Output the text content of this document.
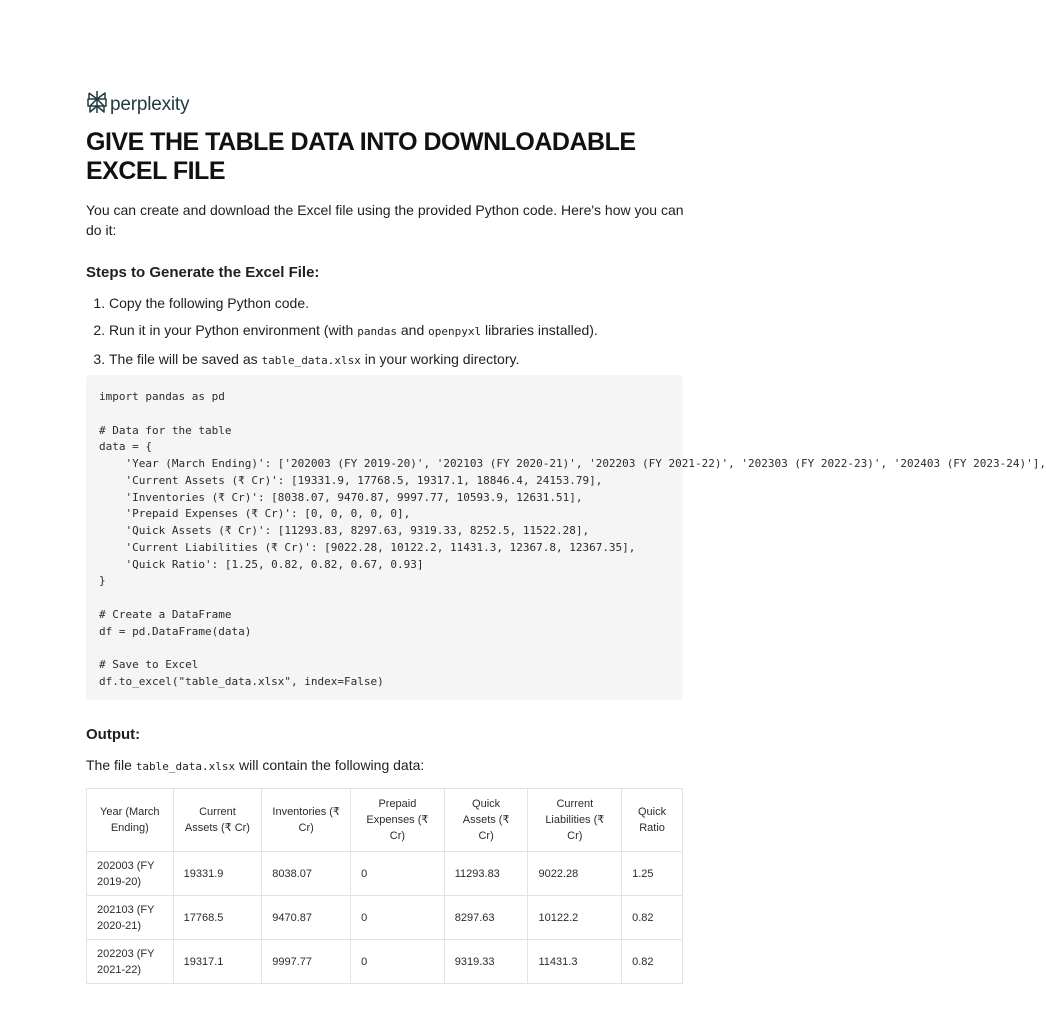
perplexity
GIVE THE TABLE DATA INTO DOWNLOADABLE EXCEL FILE

You can create and download the Excel file using the provided Python code. Here's how you can do it:

Steps to Generate the Excel File:
1. Copy the following Python code.
2. Run it in your Python environment (with pandas and openpyxl libraries installed).
3. The file will be saved as table_data.xlsx in your working directory.
import pandas as pd

# Data for the table
data = {
'Year (March Ending)': ['202003 (FY 2019-20)', '202103 (FY 2020-21)', '202203 (FY 2021-22)', '202303 (FY 2022-23)', '202403 (FY 2023-24)'],
'Current Assets (₹ Cr)': [19331.9, 17768.5, 19317.1, 18846.4, 24153.79],
'Inventories (₹ Cr)': [8038.07, 9470.87, 9997.77, 10593.9, 12631.51],
'Prepaid Expenses (₹ Cr)': [0, 0, 0, 0, 0],
'Quick Assets (₹ Cr)': [11293.83, 8297.63, 9319.33, 8252.5, 11522.28],
'Current Liabilities (₹ Cr)': [9022.28, 10122.2, 11431.3, 12367.8, 12367.35],
'Quick Ratio': [1.25, 0.82, 0.82, 0.67, 0.93]
}

# Create a DataFrame
df = pd.DataFrame(data)

# Save to Excel
df.to_excel("table_data.xlsx", index=False)
Output:

The file table_data.xlsx will contain the following data:

Year (March Ending)	Current Assets (₹ Cr)	Inventories (₹ Cr)	Prepaid Expenses (₹ Cr)	Quick Assets (₹ Cr)	Current Liabilities (₹ Cr)	Quick Ratio
202003 (FY 2019-20)	19331.9	8038.07	0	11293.83	9022.28	1.25
202103 (FY 2020-21)	17768.5	9470.87	0	8297.63	10122.2	0.82
202203 (FY 2021-22)	19317.1	9997.77	0	9319.33	11431.3	0.82
